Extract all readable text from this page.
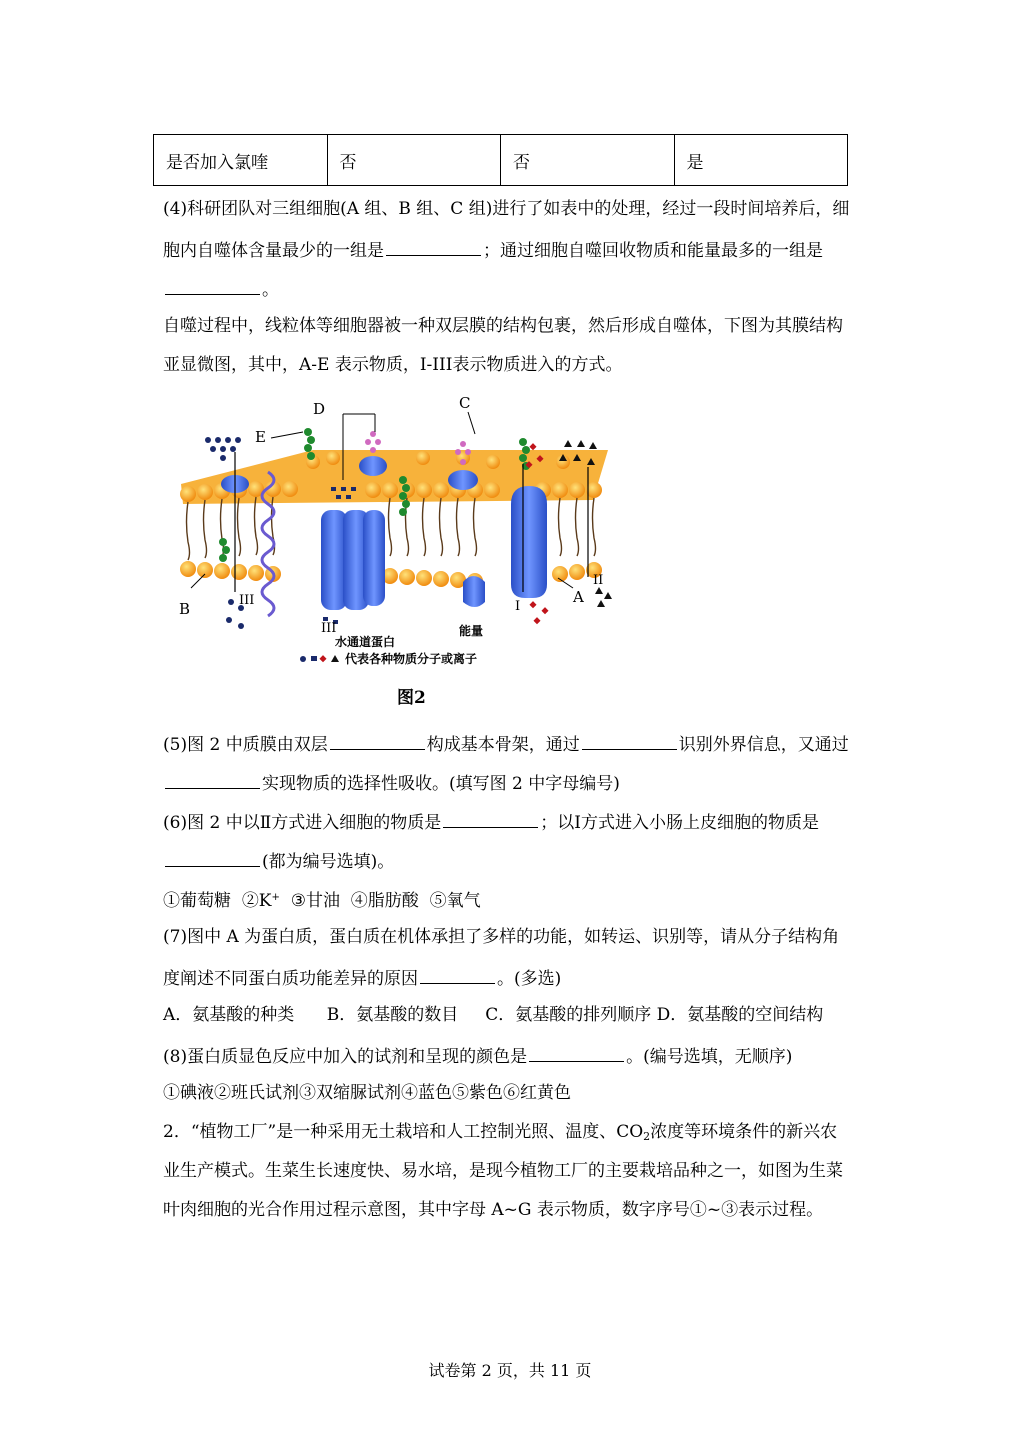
是否加入氯喹	否	否	是
(4)科研团队对三组细胞(A 组、B 组、C 组)进行了如表中的处理，经过一段时间培养后，细
胞内自噬体含量最少的一组是	；通过细胞自噬回收物质和能量最多的一组是
。
自噬过程中，线粒体等细胞器被一种双层膜的结构包裹，然后形成自噬体，下图为其膜结构
亚显微图，其中，A-E 表示物质，I-III表示物质进入的方式。
D	C
E
B
A
III
III
II
I
水通道蛋白
能量
代表各种物质分子或离子
图2
(5)图 2 中质膜由双层	构成基本骨架，通过	识别外界信息，又通过
实现物质的选择性吸收。(填写图 2 中字母编号)
(6)图 2 中以Ⅱ方式进入细胞的物质是	；以Ⅰ方式进入小肠上皮细胞的物质是
(都为编号选填)。
①葡萄糖 ②K+ ③甘油 ④脂肪酸 ⑤氧气
(7)图中 A 为蛋白质，蛋白质在机体承担了多样的功能，如转运、识别等，请从分子结构角
度阐述不同蛋白质功能差异的原因	。(多选)
A．氨基酸的种类 B．氨基酸的数目 C．氨基酸的排列顺序 D．氨基酸的空间结构
(8)蛋白质显色反应中加入的试剂和呈现的颜色是	。(编号选填，无顺序)
①碘液②班氏试剂③双缩脲试剂④蓝色⑤紫色⑥红黄色
2．“植物工厂”是一种采用无土栽培和人工控制光照、温度、$CO_2$浓度等环境条件的新兴农
业生产模式。生菜生长速度快、易水培，是现今植物工厂的主要栽培品种之一，如图为生菜
叶肉细胞的光合作用过程示意图，其中字母 A~G 表示物质，数字序号①~③表示过程。
试卷第 2 页，共 11 页
